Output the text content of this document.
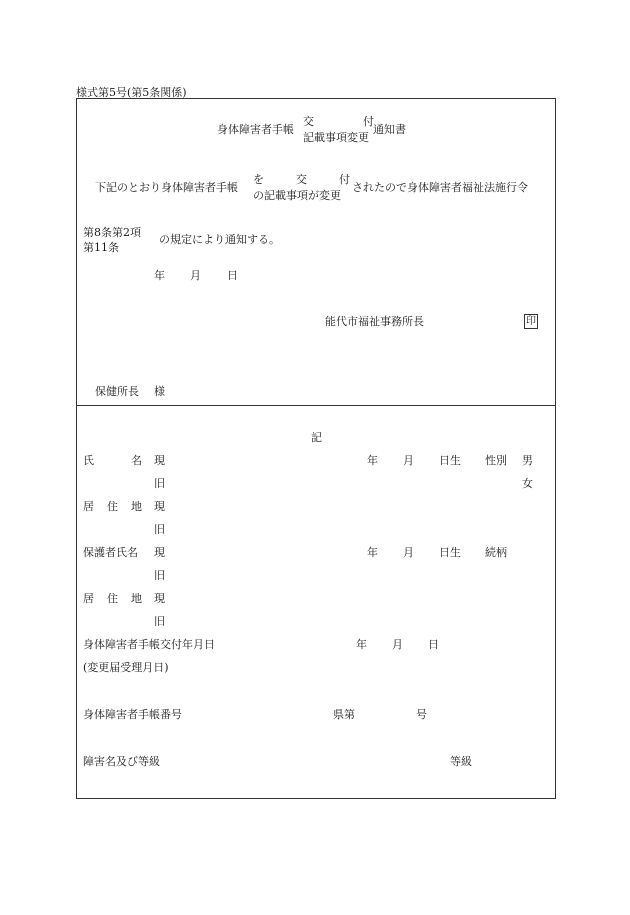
様式第5号(第5条関係)
身体障害者手帳
交	付
記載事項変更
通知書
下記のとおり身体障害者手帳
を	交	付
の記載事項が変更
されたので身体障害者福祉法施行令
第8条第2項
第11条
の規定により通知する。
年 月 日
能代市福祉事務所長	印
保健所長 様
記
氏	名 現	年 月 日生 性別 男
旧	女
居 住 地 現
旧
保護者氏名 現	年 月 日生 続柄
旧
居 住 地 現
旧
身体障害者手帳交付年月日	年 月 日
(変更届受理月日)
身体障害者手帳番号	県第	号
障害名及び等級	等級
